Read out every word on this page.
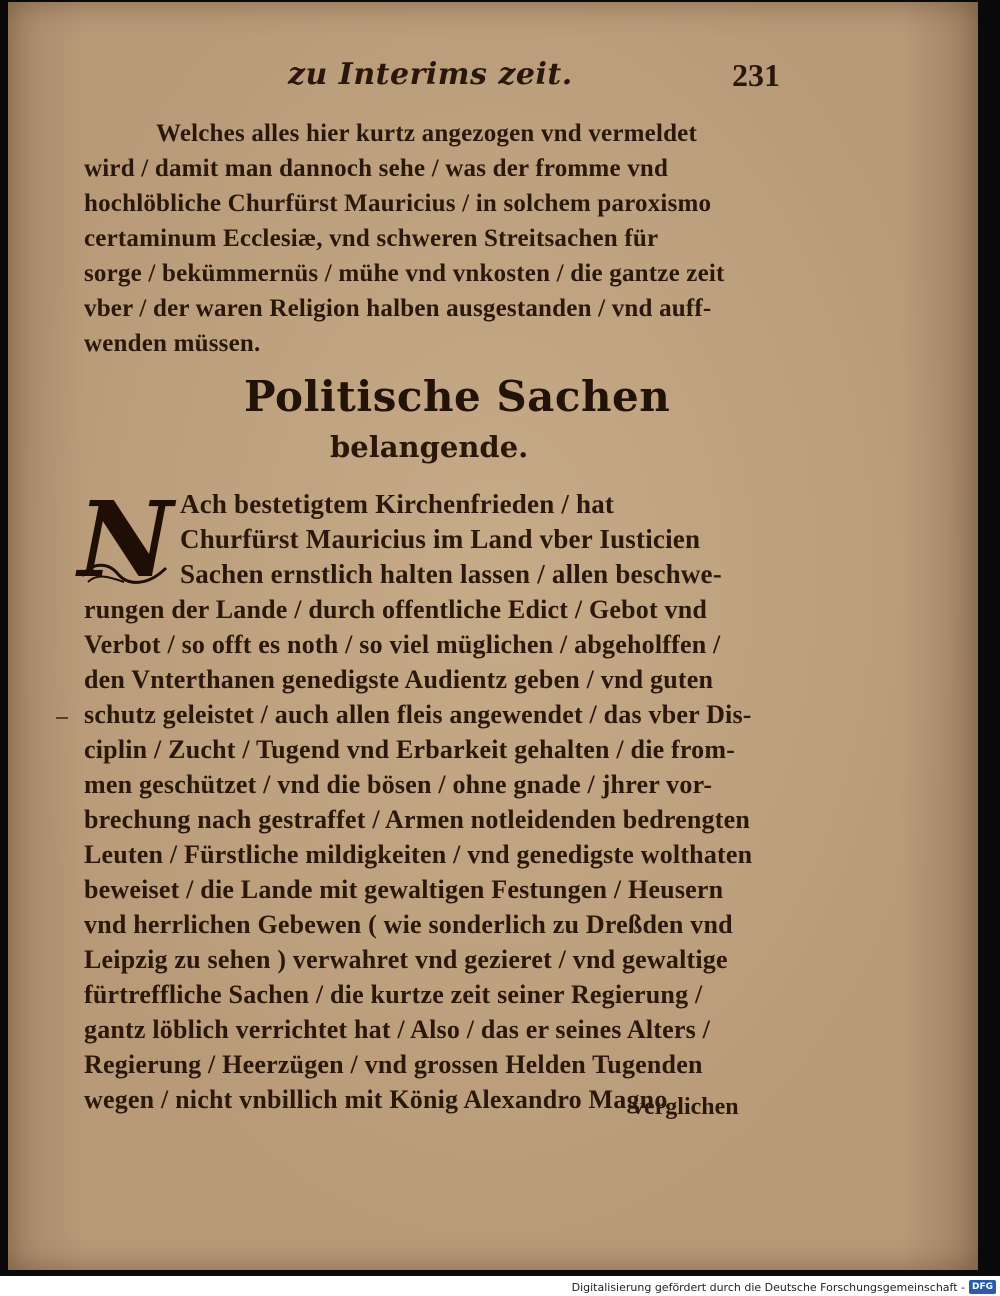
zu Interims zeit.	231
Welches alles hier kurtz angezogen vnd vermeldet
wird / damit man dannoch sehe / was der fromme vnd
hochlöbliche Churfürst Mauricius / in solchem paroxismo
certaminum Ecclesiæ, vnd schweren Streitsachen für
sorge / bekümmernüs / mühe vnd vnkosten / die gantze zeit
vber / der waren Religion halben ausgestanden / vnd auff-
wenden müssen.
Politische Sachen
belangende.
N Ach bestetigtem Kirchenfrieden / hat
Churfürst Mauricius im Land vber Iusticien
Sachen ernstlich halten lassen / allen beschwe-
rungen der Lande / durch offentliche Edict / Gebot vnd
Verbot / so offt es noth / so viel müglichen / abgeholffen /
den Vnterthanen genedigste Audientz geben / vnd guten
schutz geleistet / auch allen fleis angewendet / das vber Dis-
ciplin / Zucht / Tugend vnd Erbarkeit gehalten / die from-
men geschützet / vnd die bösen / ohne gnade / jhrer vor-
brechung nach gestraffet / Armen notleidenden bedrengten
Leuten / Fürstliche mildigkeiten / vnd genedigste wolthaten
beweiset / die Lande mit gewaltigen Festungen / Heusern
vnd herrlichen Gebewen ( wie sonderlich zu Dreßden vnd
Leipzig zu sehen ) verwahret vnd gezieret / vnd gewaltige
fürtreffliche Sachen / die kurtze zeit seiner Regierung /
gantz löblich verrichtet hat / Also / das er seines Alters /
Regierung / Heerzügen / vnd grossen Helden Tugenden
wegen / nicht vnbillich mit König Alexandro Magno
verglichen
Digitalisierung gefördert durch die Deutsche Forschungsgemeinschaft - DFG
